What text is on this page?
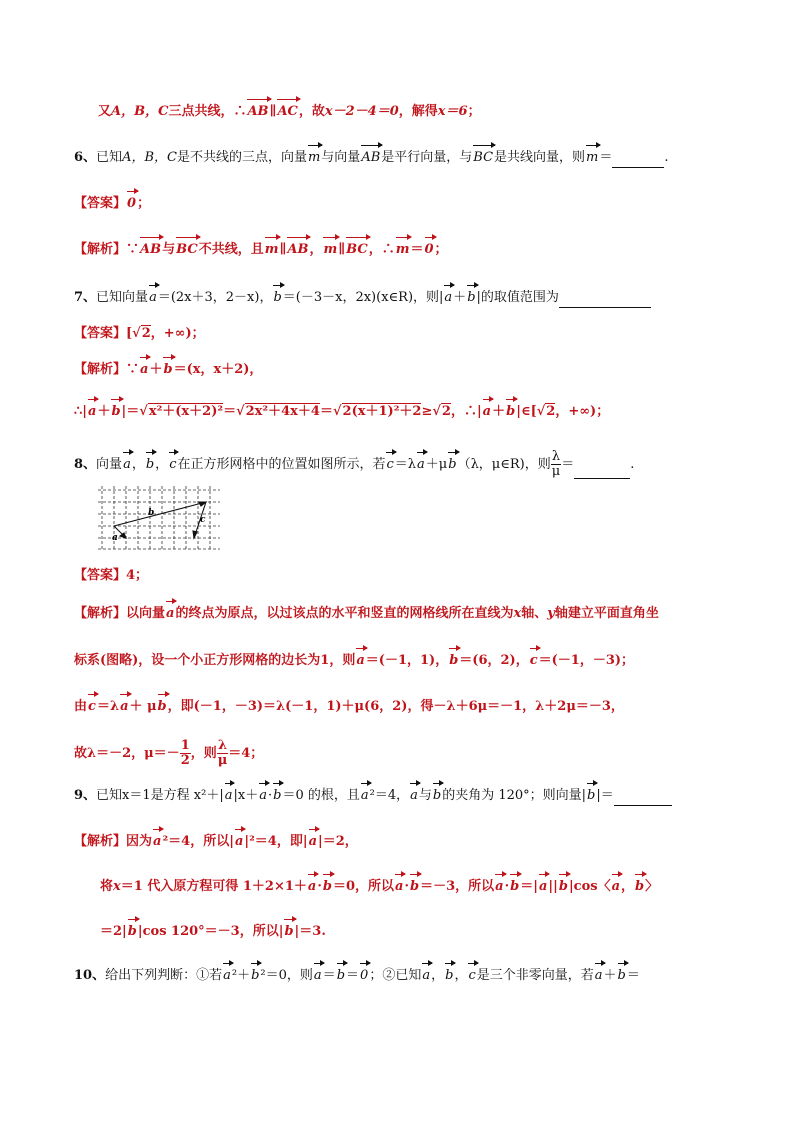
又A，B，C三点共线，∴AB∥AC，故x－2－4＝0，解得x＝6；
6、已知A，B，C是不共线的三点，向量m与向量AB是平行向量，与BC是共线向量，则m＝	.
【答案】0；
【解析】∵AB与BC不共线，且m∥AB，m∥BC，∴m＝0；
7、已知向量a＝(2x＋3，2－x)，b＝(－3－x，2x)(x∈R)，则|a＋b|的取值范围为
【答案】[√2，+∞)；
【解析】∵a＋b＝(x，x＋2)，
∴|a＋b|＝√x²＋(x＋2)²＝√2x²＋4x＋4＝√2(x＋1)²＋2≥√2，∴|a＋b|∈[√2，+∞)；
8、向量a，b，c在正方形网格中的位置如图所示，若c＝λa＋μb（λ，μ∈R)，则 $\frac{\lambda}{\mu}$ ＝	.
b
c
a
【答案】4；
【解析】以向量a的终点为原点，以过该点的水平和竖直的网格线所在直线为x轴、y轴建立平面直角坐
标系(图略)，设一个小正方形网格的边长为1，则a＝(－1，1)，b＝(6，2)，c＝(－1，－3)；
由c＝λa＋ μb，即(－1，－3)＝λ(－1，1)＋μ(6，2)，得－λ＋6μ＝－1，λ＋2μ＝－3，
故λ＝－2，$\mu=- \frac{1}{2}$ ，则 $\frac{\lambda}{\mu} =4$；
9、已知x＝1是方程 x²＋|a|x＋a·b＝0 的根，且a²＝4，a与b的夹角为 120°；则向量|b|＝
【解析】因为a²＝4，所以|a|²＝4，即|a|＝2，
将x＝1 代入原方程可得 1＋2×1＋a·b＝0，所以a·b＝－3，所以a·b＝|a||b|cos〈a，b〉
＝2|b|cos 120°＝－3，所以|b|＝3.
10、给出下列判断：①若a²＋b²＝0，则a＝b＝0；②已知a，b，c是三个非零向量，若a＋b＝
